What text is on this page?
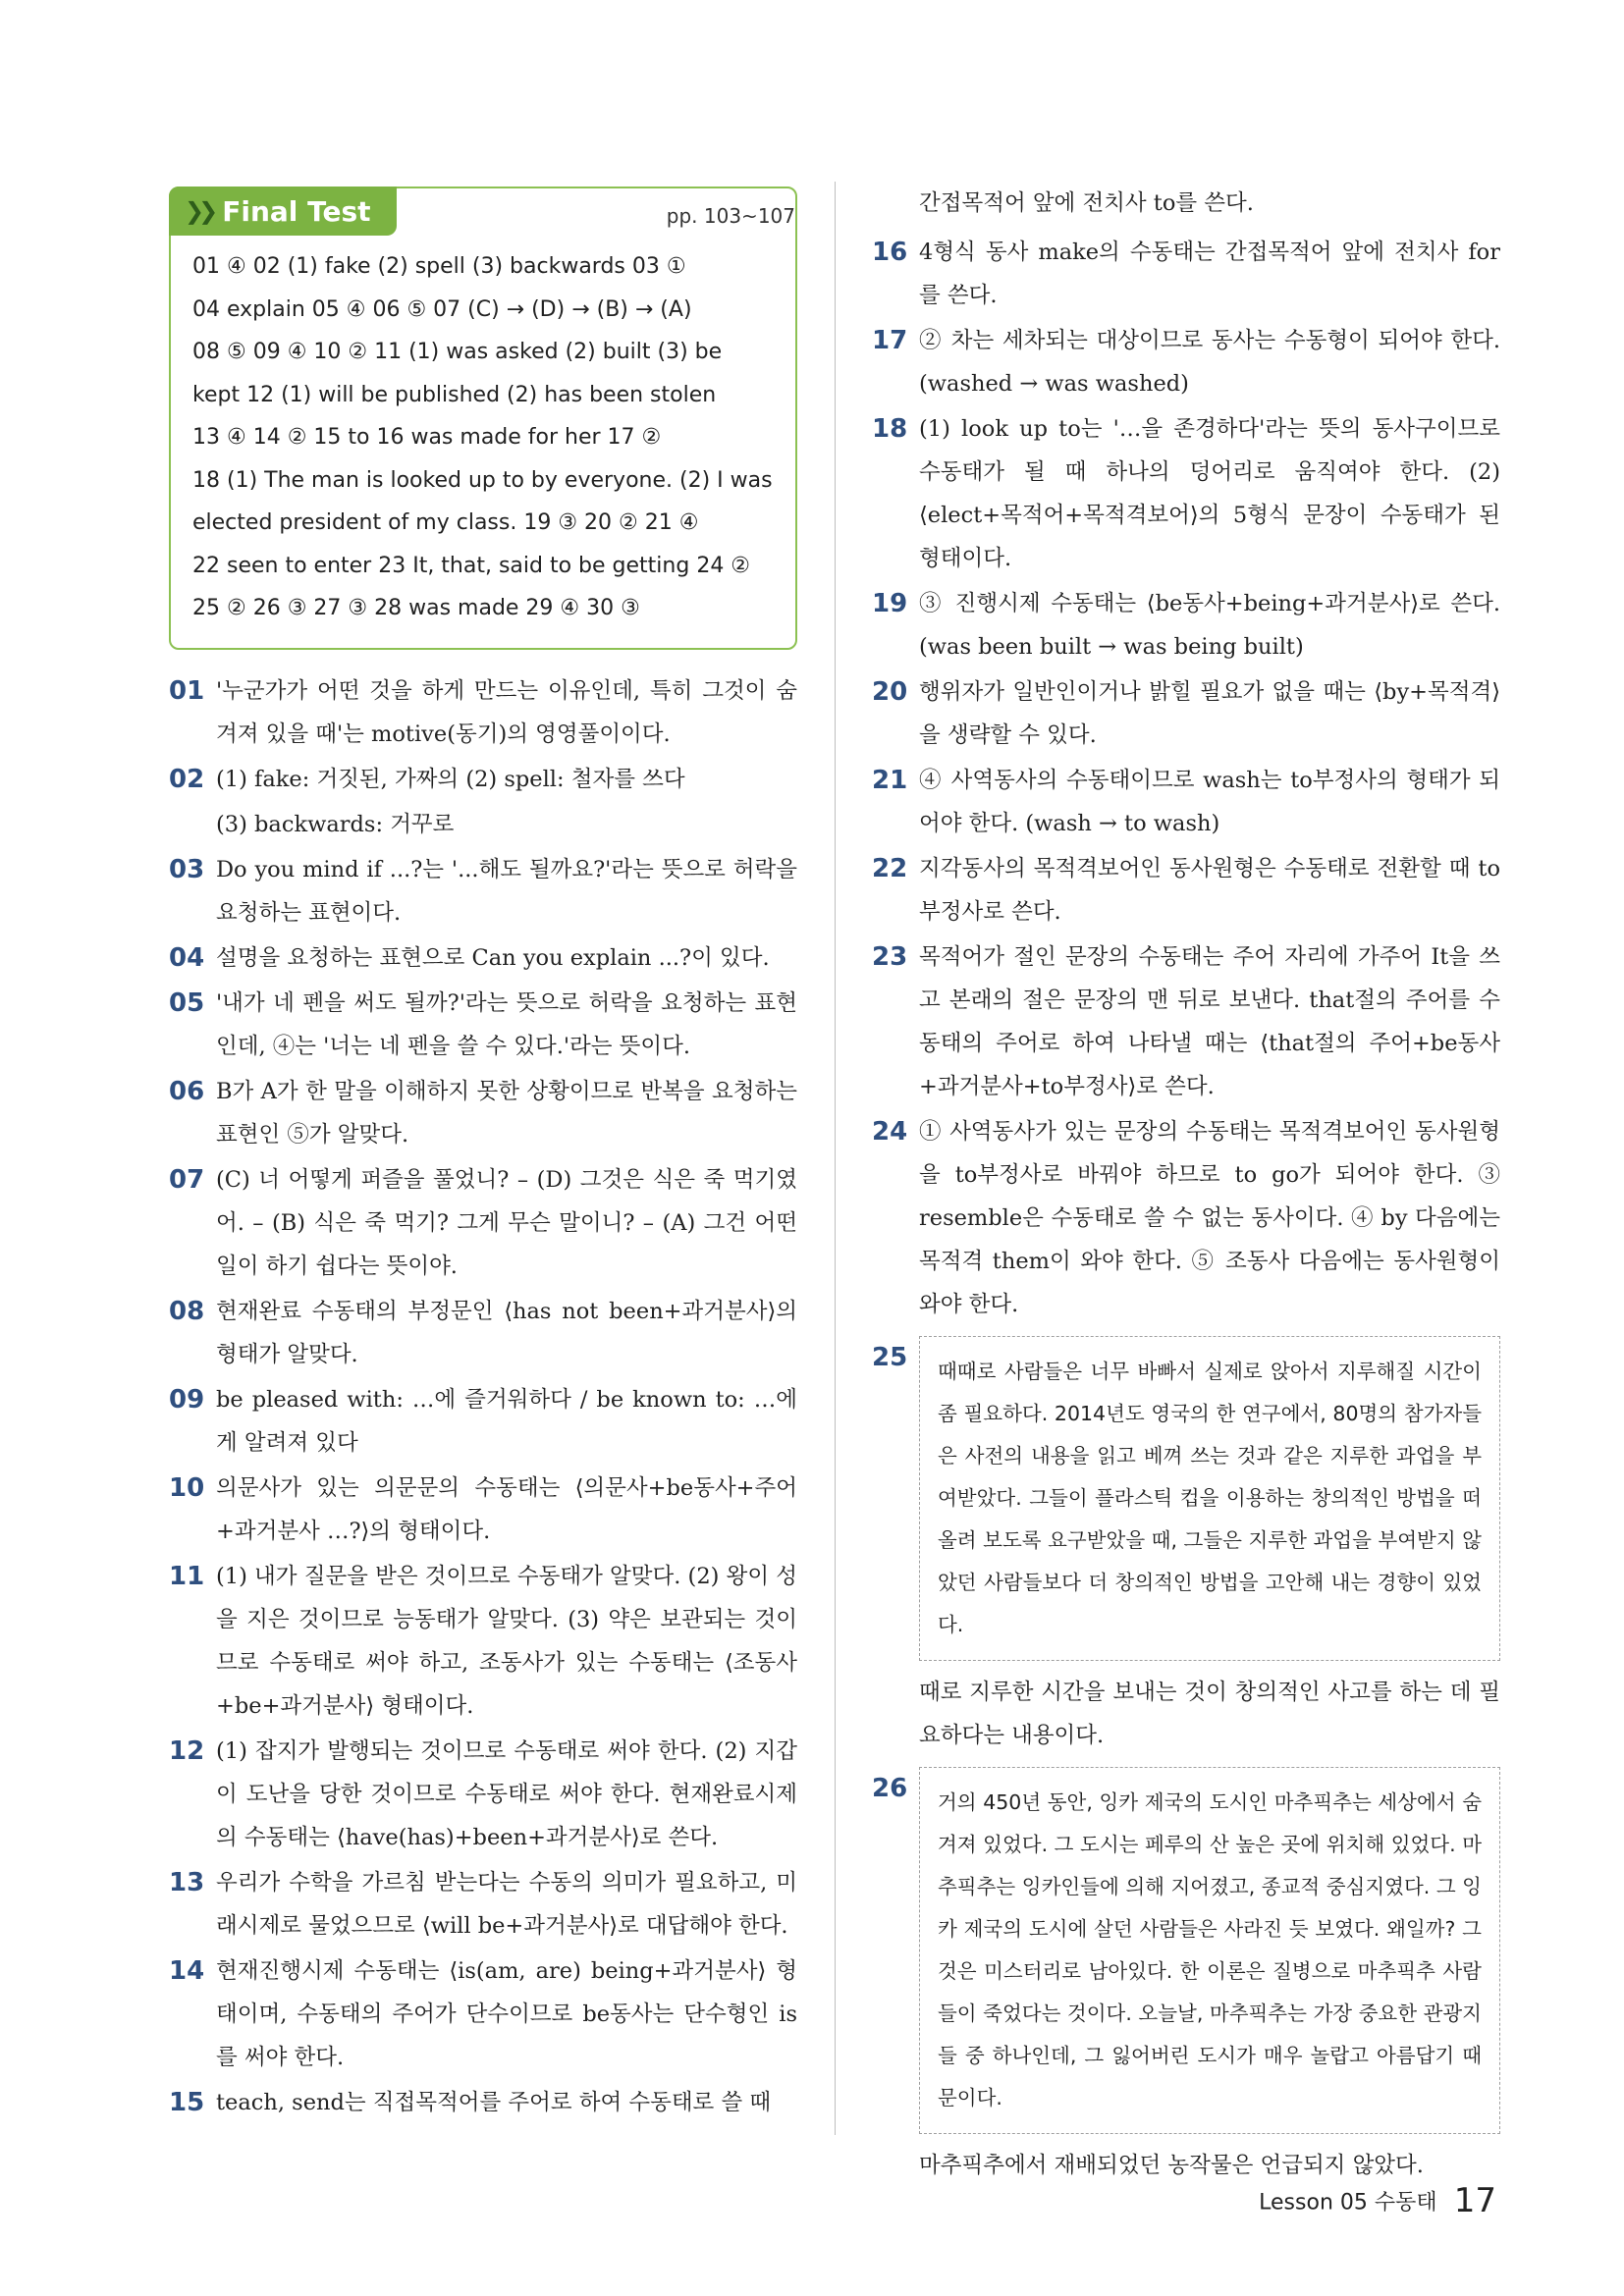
❯❯ Final Test	pp. 103~107
01 ④ 02 (1) fake (2) spell (3) backwards 03 ①
04 explain 05 ④ 06 ⑤ 07 (C) → (D) → (B) → (A)
08 ⑤ 09 ④ 10 ② 11 (1) was asked (2) built (3) be
kept 12 (1) will be published (2) has been stolen
13 ④ 14 ② 15 to 16 was made for her 17 ②
18 (1) The man is looked up to by everyone. (2) I was
elected president of my class. 19 ③ 20 ② 21 ④
22 seen to enter 23 It, that, said to be getting 24 ②
25 ② 26 ③ 27 ③ 28 was made 29 ④ 30 ③
01 '누군가가 어떤 것을 하게 만드는 이유인데, 특히 그것이 숨겨져 있을 때'는 motive(동기)의 영영풀이이다.
02 (1) fake: 거짓된, 가짜의 (2) spell: 철자를 쓰다
(3) backwards: 거꾸로
03 Do you mind if ...?는 '...해도 될까요?'라는 뜻으로 허락을 요청하는 표현이다.
04 설명을 요청하는 표현으로 Can you explain ...?이 있다.
05 '내가 네 펜을 써도 될까?'라는 뜻으로 허락을 요청하는 표현인데, ④는 '너는 네 펜을 쓸 수 있다.'라는 뜻이다.
06 B가 A가 한 말을 이해하지 못한 상황이므로 반복을 요청하는 표현인 ⑤가 알맞다.
07 (C) 너 어떻게 퍼즐을 풀었니? – (D) 그것은 식은 죽 먹기였어. – (B) 식은 죽 먹기? 그게 무슨 말이니? – (A) 그건 어떤 일이 하기 쉽다는 뜻이야.
08 현재완료 수동태의 부정문인 ⟨has not been+과거분사⟩의 형태가 알맞다.
09 be pleased with: …에 즐거워하다 / be known to: …에게 알려져 있다
10 의문사가 있는 의문문의 수동태는 ⟨의문사+be동사+주어+과거분사 …?⟩의 형태이다.
11 (1) 내가 질문을 받은 것이므로 수동태가 알맞다. (2) 왕이 성을 지은 것이므로 능동태가 알맞다. (3) 약은 보관되는 것이므로 수동태로 써야 하고, 조동사가 있는 수동태는 ⟨조동사+be+과거분사⟩ 형태이다.
12 (1) 잡지가 발행되는 것이므로 수동태로 써야 한다. (2) 지갑이 도난을 당한 것이므로 수동태로 써야 한다. 현재완료시제의 수동태는 ⟨have(has)+been+과거분사⟩로 쓴다.
13 우리가 수학을 가르침 받는다는 수동의 의미가 필요하고, 미래시제로 물었으므로 ⟨will be+과거분사⟩로 대답해야 한다.
14 현재진행시제 수동태는 ⟨is(am, are) being+과거분사⟩ 형태이며, 수동태의 주어가 단수이므로 be동사는 단수형인 is를 써야 한다.
15 teach, send는 직접목적어를 주어로 하여 수동태로 쓸 때
간접목적어 앞에 전치사 to를 쓴다.
16 4형식 동사 make의 수동태는 간접목적어 앞에 전치사 for를 쓴다.
17 ② 차는 세차되는 대상이므로 동사는 수동형이 되어야 한다. (washed → was washed)
18 (1) look up to는 '…을 존경하다'라는 뜻의 동사구이므로 수동태가 될 때 하나의 덩어리로 움직여야 한다. (2) ⟨elect+목적어+목적격보어⟩의 5형식 문장이 수동태가 된 형태이다.
19 ③ 진행시제 수동태는 ⟨be동사+being+과거분사⟩로 쓴다. (was been built → was being built)
20 행위자가 일반인이거나 밝힐 필요가 없을 때는 ⟨by+목적격⟩을 생략할 수 있다.
21 ④ 사역동사의 수동태이므로 wash는 to부정사의 형태가 되어야 한다. (wash → to wash)
22 지각동사의 목적격보어인 동사원형은 수동태로 전환할 때 to부정사로 쓴다.
23 목적어가 절인 문장의 수동태는 주어 자리에 가주어 It을 쓰고 본래의 절은 문장의 맨 뒤로 보낸다. that절의 주어를 수동태의 주어로 하여 나타낼 때는 ⟨that절의 주어+be동사+과거분사+to부정사⟩로 쓴다.
24 ① 사역동사가 있는 문장의 수동태는 목적격보어인 동사원형을 to부정사로 바꿔야 하므로 to go가 되어야 한다. ③ resemble은 수동태로 쓸 수 없는 동사이다. ④ by 다음에는 목적격 them이 와야 한다. ⑤ 조동사 다음에는 동사원형이 와야 한다.
25	때때로 사람들은 너무 바빠서 실제로 앉아서 지루해질 시간이 좀 필요하다. 2014년도 영국의 한 연구에서, 80명의 참가자들은 사전의 내용을 읽고 베껴 쓰는 것과 같은 지루한 과업을 부여받았다. 그들이 플라스틱 컵을 이용하는 창의적인 방법을 떠올려 보도록 요구받았을 때, 그들은 지루한 과업을 부여받지 않았던 사람들보다 더 창의적인 방법을 고안해 내는 경향이 있었다.
때로 지루한 시간을 보내는 것이 창의적인 사고를 하는 데 필요하다는 내용이다.
26	거의 450년 동안, 잉카 제국의 도시인 마추픽추는 세상에서 숨겨져 있었다. 그 도시는 페루의 산 높은 곳에 위치해 있었다. 마추픽추는 잉카인들에 의해 지어졌고, 종교적 중심지였다. 그 잉카 제국의 도시에 살던 사람들은 사라진 듯 보였다. 왜일까? 그것은 미스터리로 남아있다. 한 이론은 질병으로 마추픽추 사람들이 죽었다는 것이다. 오늘날, 마추픽추는 가장 중요한 관광지들 중 하나인데, 그 잃어버린 도시가 매우 놀랍고 아름답기 때문이다.
마추픽추에서 재배되었던 농작물은 언급되지 않았다.
Lesson 05 수동태 17
